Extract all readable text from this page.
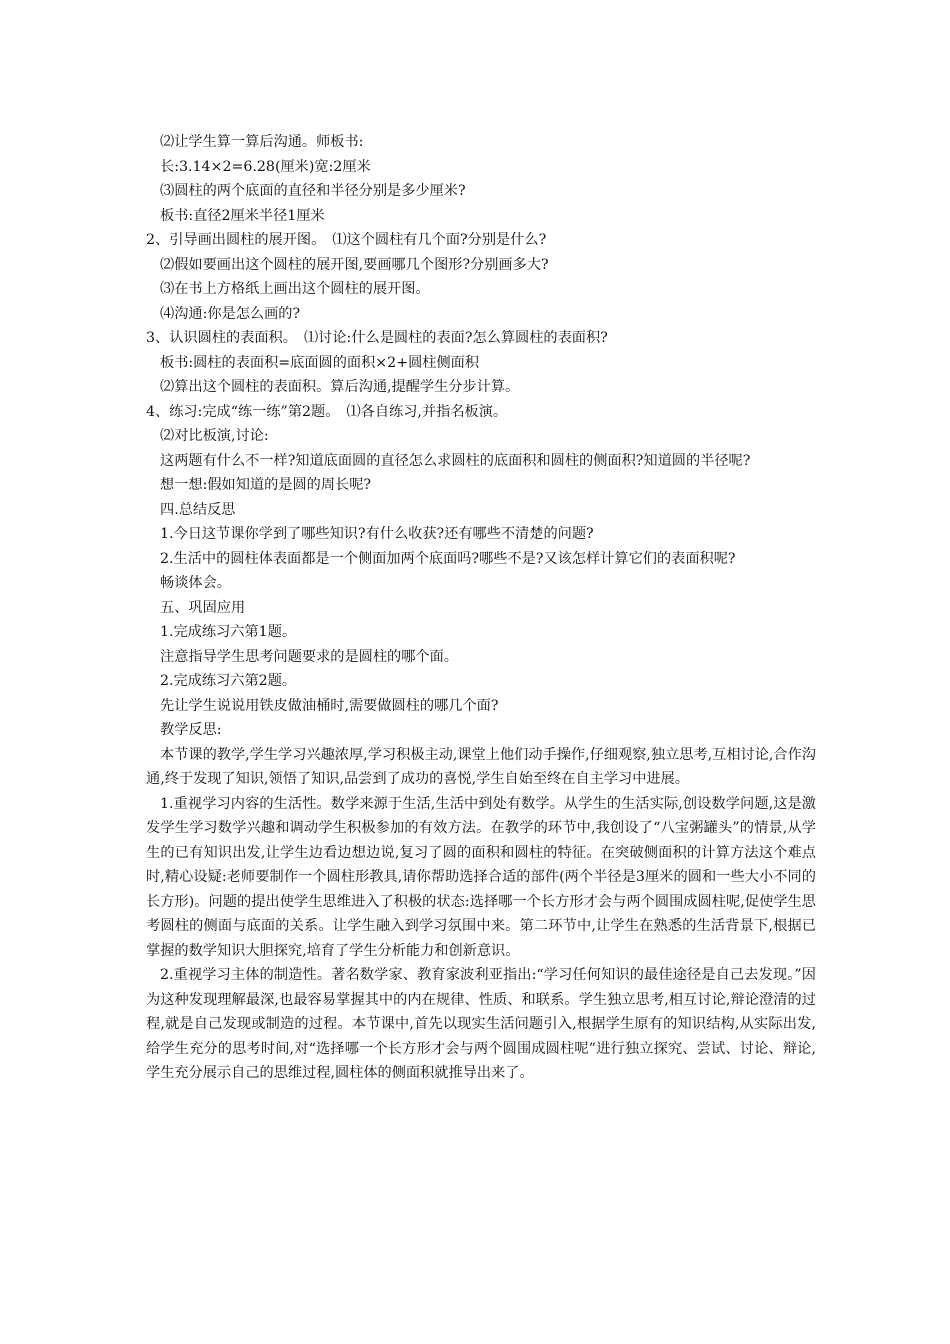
⑵让学生算一算后沟通。师板书:
长:3.14×2=6.28(厘米)宽:2厘米
⑶圆柱的两个底面的直径和半径分别是多少厘米?
板书:直径2厘米半径1厘米
2、引导画出圆柱的展开图。　⑴这个圆柱有几个面?分别是什么?
⑵假如要画出这个圆柱的展开图,要画哪几个图形?分别画多大?
⑶在书上方格纸上画出这个圆柱的展开图。
⑷沟通:你是怎么画的?
3、认识圆柱的表面积。　⑴讨论:什么是圆柱的表面?怎么算圆柱的表面积?
板书:圆柱的表面积=底面圆的面积×2+圆柱侧面积
⑵算出这个圆柱的表面积。算后沟通,提醒学生分步计算。
4、练习:完成“练一练”第2题。　⑴各自练习,并指名板演。
⑵对比板演,讨论:
这两题有什么不一样?知道底面圆的直径怎么求圆柱的底面积和圆柱的侧面积?知道圆的半径呢?
想一想:假如知道的是圆的周长呢?
四.总结反思
1.今日这节课你学到了哪些知识?有什么收获?还有哪些不清楚的问题?
2.生活中的圆柱体表面都是一个侧面加两个底面吗?哪些不是?又该怎样计算它们的表面积呢?
畅谈体会。
五、巩固应用
1.完成练习六第1题。
注意指导学生思考问题要求的是圆柱的哪个面。
2.完成练习六第2题。
先让学生说说用铁皮做油桶时,需要做圆柱的哪几个面?
教学反思:
本节课的教学,学生学习兴趣浓厚,学习积极主动,课堂上他们动手操作,仔细观察,独立思考,互相讨论,合作沟通,终于发现了知识,领悟了知识,品尝到了成功的喜悦,学生自始至终在自主学习中进展。
1.重视学习内容的生活性。数学来源于生活,生活中到处有数学。从学生的生活实际,创设数学问题,这是激发学生学习数学兴趣和调动学生积极参加的有效方法。在教学的环节中,我创设了“八宝粥罐头”的情景,从学生的已有知识出发,让学生边看边想边说,复习了圆的面积和圆柱的特征。在突破侧面积的计算方法这个难点时,精心设疑:老师要制作一个圆柱形教具,请你帮助选择合适的部件(两个半径是3厘米的圆和一些大小不同的长方形)。问题的提出使学生思维进入了积极的状态:选择哪一个长方形才会与两个圆围成圆柱呢,促使学生思考圆柱的侧面与底面的关系。让学生融入到学习氛围中来。第二环节中,让学生在熟悉的生活背景下,根据已掌握的数学知识大胆探究,培育了学生分析能力和创新意识。
2.重视学习主体的制造性。著名数学家、教育家波利亚指出:“学习任何知识的最佳途径是自己去发现。”因为这种发现理解最深,也最容易掌握其中的内在规律、性质、和联系。学生独立思考,相互讨论,辩论澄清的过程,就是自己发现或制造的过程。本节课中,首先以现实生活问题引入,根据学生原有的知识结构,从实际出发,给学生充分的思考时间,对“选择哪一个长方形才会与两个圆围成圆柱呢”进行独立探究、尝试、讨论、辩论,学生充分展示自己的思维过程,圆柱体的侧面积就推导出来了。
